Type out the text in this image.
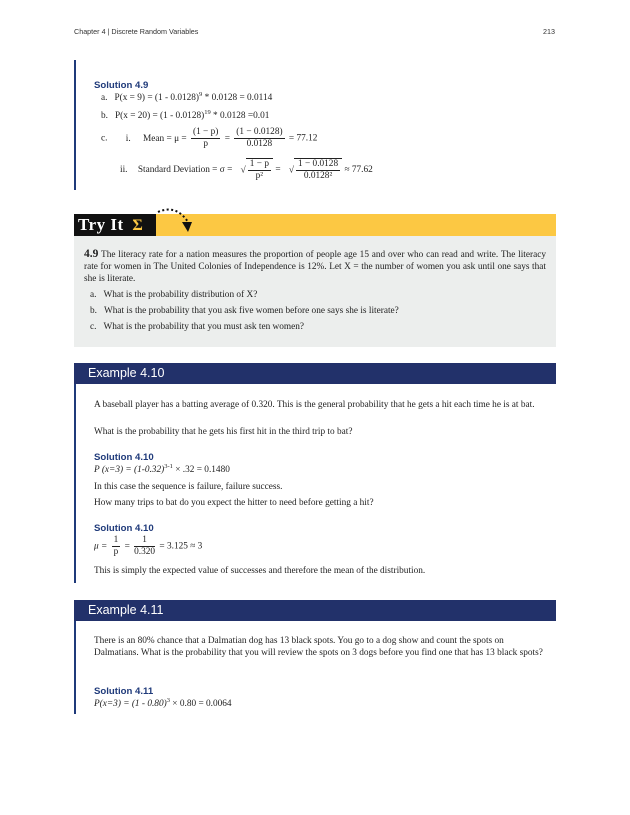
Chapter 4 | Discrete Random Variables	213
Solution 4.9
a. P(x = 9) = (1 - 0.0128)$^9$ * 0.0128 = 0.0114
b. P(x = 20) = (1 - 0.0128)$^{19}$ * 0.0128 =0.01
c. i. Mean = $\mu = \frac{(1 - p)}{p} = \frac{(1 - 0.0128)}{0.0128} = 77.12$
ii. Standard Deviation = σ = √ $\frac{1 - p}{\text{p²}}$ = √ $\frac{1 - 0.0128}{\text{0.0128²}} \approx 77.62$
Try It Σ
4.9 The literacy rate for a nation measures the proportion of people age 15 and over who can read and write. The literacy rate for women in The United Colonies of Independence is 12%. Let X = the number of women you ask until one says that she is literate.
a. What is the probability distribution of X?
b. What is the probability that you ask five women before one says she is literate?
c. What is the probability that you must ask ten women?
Example 4.10
A baseball player has a batting average of 0.320. This is the general probability that he gets a hit each time he is at bat.
What is the probability that he gets his first hit in the third trip to bat?
Solution 4.10
P $(x=3) = (1-0.32)^{3-1} \times .32 = 0.1480$
In this case the sequence is failure, failure success.
How many trips to bat do you expect the hitter to need before getting a hit?
Solution 4.10
$\mu = \frac{1}{p} = \frac{1}{0.320} = 3.125 \approx 3$
This is simply the expected value of successes and therefore the mean of the distribution.
Example 4.11
There is an 80% chance that a Dalmatian dog has 13 black spots. You go to a dog show and count the spots on Dalmatians. What is the probability that you will review the spots on 3 dogs before you find one that has 13 black spots?
Solution 4.11
P(x=3) = (1 - 0.80)$^3$ × 0.80 = 0.0064
